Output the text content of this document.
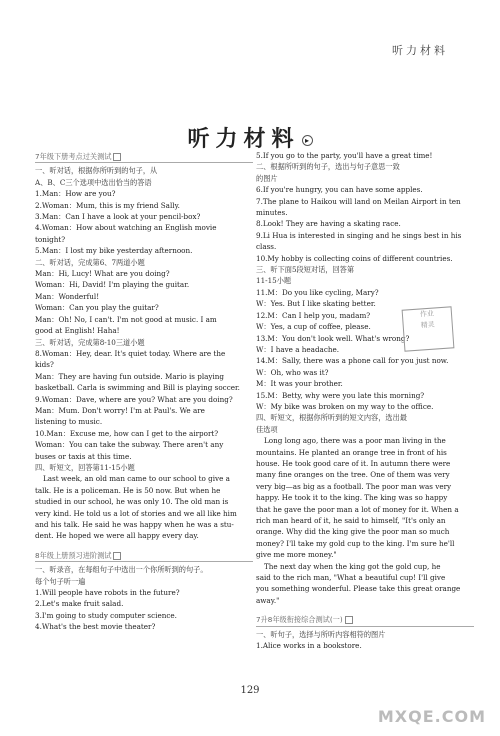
听力材料
听力材料 ▸
7年级下册考点过关测试
一、听对话，根据你所听到的句子，从
A、B、C三个选项中选出恰当的答语
1.Man：How are you?
2.Woman：Mum, this is my friend Sally.
3.Man：Can I have a look at your pencil-box?
4.Woman：How about watching an English movie
tonight?
5.Man：I lost my bike yesterday afternoon.
二、听对话，完成第6、7两道小题
Man：Hi, Lucy! What are you doing?
Woman：Hi, David! I'm playing the guitar.
Man：Wonderful!
Woman：Can you play the guitar?
Man：Oh! No, I can't. I'm not good at music. I am
good at English! Haha!
三、听对话，完成第8-10三道小题
8.Woman：Hey, dear. It's quiet today. Where are the
kids?
Man：They are having fun outside. Mario is playing
basketball. Carla is swimming and Bill is playing soccer.
9.Woman：Dave, where are you? What are you doing?
Man：Mum. Don't worry! I'm at Paul's. We are
listening to music.
10.Man：Excuse me, how can I get to the airport?
Woman：You can take the subway. There aren't any
buses or taxis at this time.
四、听短文，回答第11-15小题
Last week, an old man came to our school to give a
talk. He is a policeman. He is 50 now. But when he
studied in our school, he was only 10. The old man is
very kind. He told us a lot of stories and we all like him
and his talk. He said he was happy when he was a stu-
dent. He hoped we were all happy every day.
8年级上册预习进阶测试
一、听录音，在每组句子中选出一个你所听到的句子。
每个句子听一遍
1.Will people have robots in the future?
2.Let's make fruit salad.
3.I'm going to study computer science.
4.What's the best movie theater?
5.If you go to the party, you'll have a great time!
二、根据所听到的句子，选出与句子意思一致
的图片
6.If you're hungry, you can have some apples.
7.The plane to Haikou will land on Meilan Airport in ten
minutes.
8.Look! They are having a skating race.
9.Li Hua is interested in singing and he sings best in his
class.
10.My hobby is collecting coins of different countries.
三、听下面5段短对话，回答第
11-15小题
11.M：Do you like cycling, Mary?
W：Yes. But I like skating better.
12.M：Can I help you, madam?
W：Yes, a cup of coffee, please.
13.M：You don't look well. What's wrong?
W：I have a headache.
14.M：Sally, there was a phone call for you just now.
W：Oh, who was it?
M：It was your brother.
15.M：Betty, why were you late this morning?
W：My bike was broken on my way to the office.
四、听短文，根据你所听到的短文内容，选出最
佳选项
Long long ago, there was a poor man living in the
mountains. He planted an orange tree in front of his
house. He took good care of it. In autumn there were
many fine oranges on the tree. One of them was very
very big—as big as a football. The poor man was very
happy. He took it to the king. The king was so happy
that he gave the poor man a lot of money for it. When a
rich man heard of it, he said to himself, "It's only an
orange. Why did the king give the poor man so much
money? I'll take my gold cup to the king. I'm sure he'll
give me more money."
The next day when the king got the gold cup, he
said to the rich man, "What a beautiful cup! I'll give
you something wonderful. Please take this great orange
away."
7升8年级衔接综合测试(一)
一、听句子，选择与所听内容相符的图片
1.Alice works in a bookstore.
作业
精灵
129
MXQE.COM
